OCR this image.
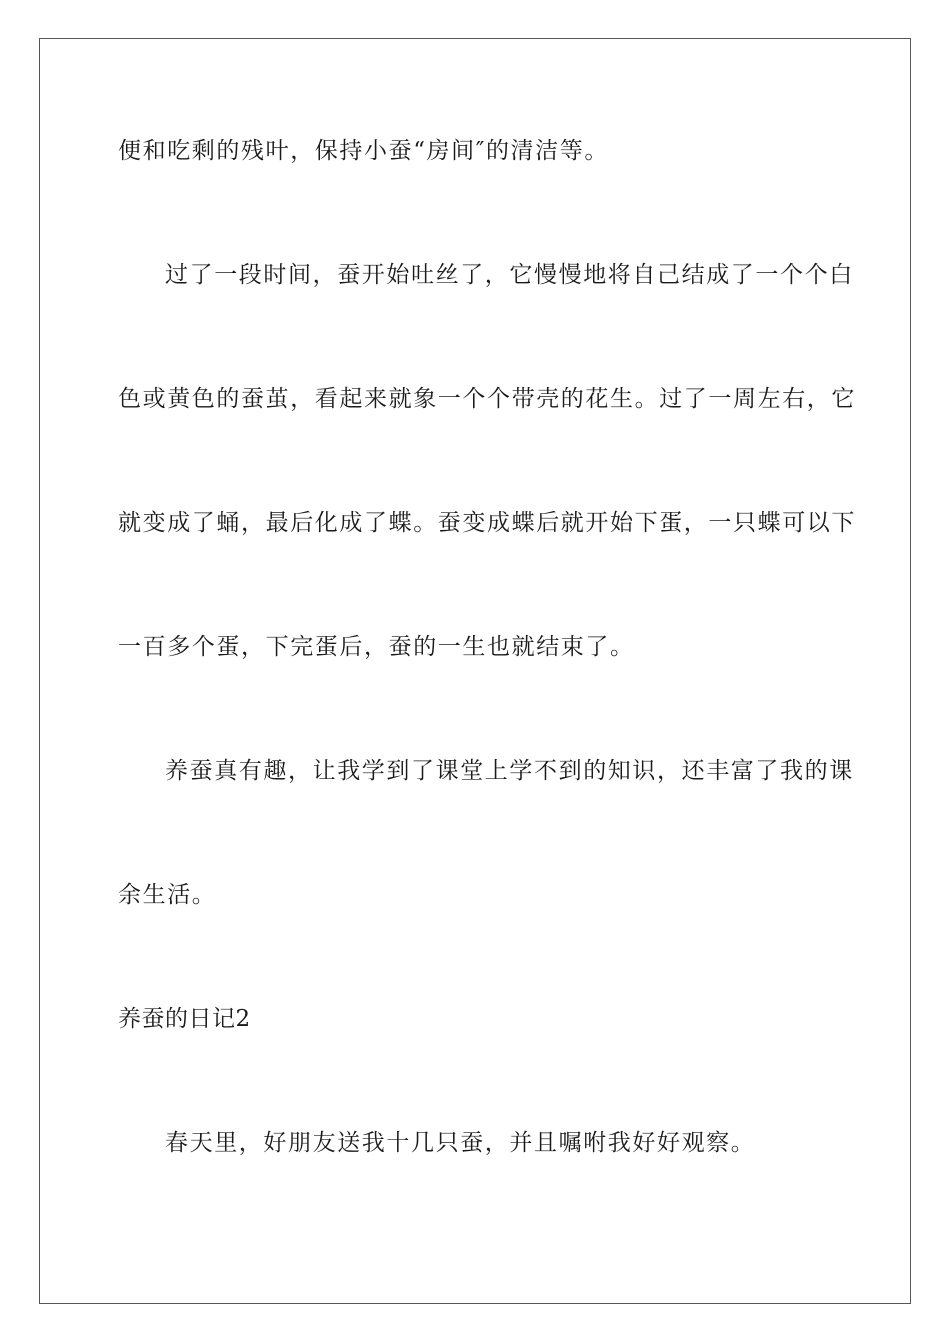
便和吃剩的残叶，保持小蚕“房间″的清洁等。
过了一段时间，蚕开始吐丝了，它慢慢地将自己结成了一个个白
色或黄色的蚕茧，看起来就象一个个带壳的花生。过了一周左右，它
就变成了蛹，最后化成了蝶。蚕变成蝶后就开始下蛋，一只蝶可以下
一百多个蛋，下完蛋后，蚕的一生也就结束了。
养蚕真有趣，让我学到了课堂上学不到的知识，还丰富了我的课
余生活。
养蚕的日记2
春天里，好朋友送我十几只蚕，并且嘱咐我好好观察。
